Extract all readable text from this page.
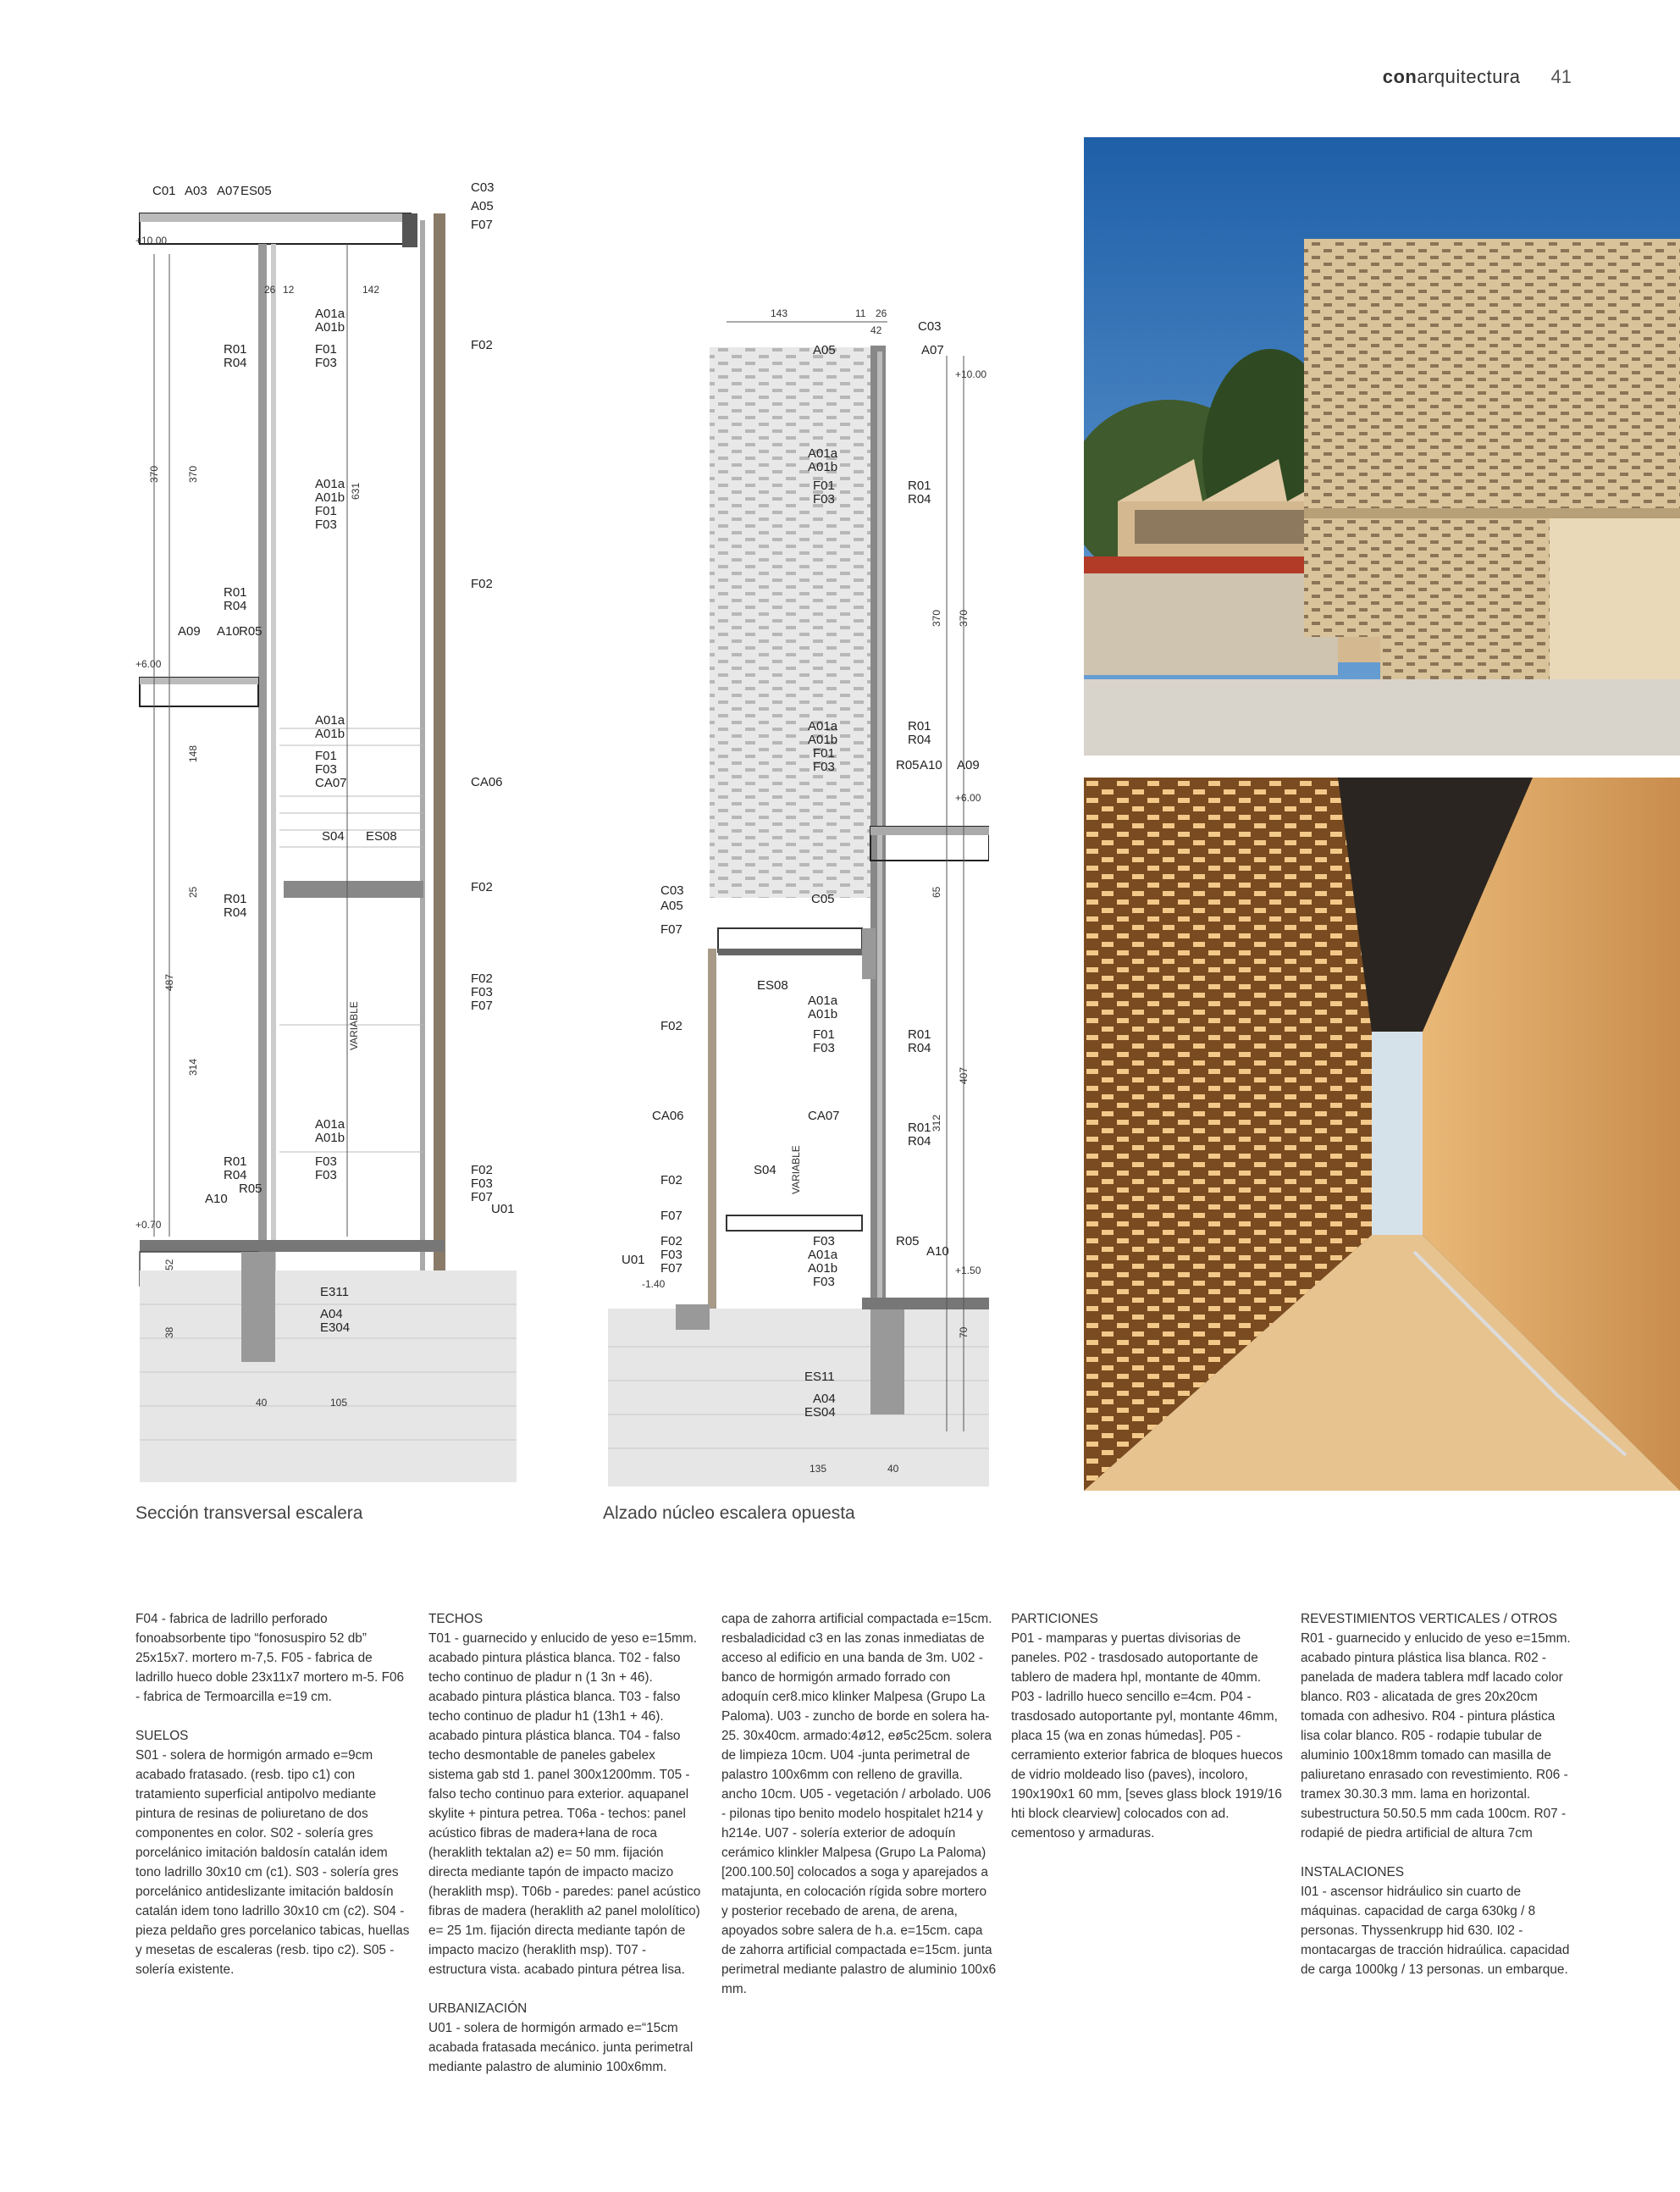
conarquitectura 41
C01 A03 A07 ES05	C03
A05
F07
F02
F02
CA06
F02
F02
F03
F07
F02
F03
F07
U01
A01a
A01b
F01
F03
R01
R04
A01a
A01b
F01
F03
R01
R04
A09 A10 R05
A01a
A01b
F01
F03
CA07
S04 ES08
R01
R04
A01a
A01b
R01
R04
F03
F03
R05
A10
E311
A04
E304
+10.00
+6.00
+0.70
26 12	142
370	370
631
148
25
487
314
VARIABLE
40	105
52
38
C03
A07
A05
A01a
A01b
F01
F03
R01
R04
A01a
A01b
F01
F03
R01
R04
R05 A10 A09
C03
A05
F07
C05
ES08
A01a
A01b
F01
F03
R01
R04
F02
CA06	CA07
R01
R04
S04
F02
F07
F02
F03
F07
U01
F03
A01a
A01b
F03
R05
A10
ES11
A04
ES04
+10.00
+6.00
+1.50
-1.40
143	11 26
42
370 370
65
407
312
VARIABLE
135	40
70
Sección transversal escalera	Alzado núcleo escalera opuesta

F04 - fabrica de ladrillo perforado fonoabsorbente tipo “fonosuspiro 52 db” 25x15x7. mortero m-7,5. F05 - fabrica de ladrillo hueco doble 23x11x7 mortero m-5. F06 - fabrica de Termoarcilla e=19 cm.

SUELOS

S01 - solera de hormigón armado e=9cm acabado fratasado. (resb. tipo c1) con tratamiento superficial antipolvo mediante pintura de resinas de poliuretano de dos componentes en color. S02 - solería gres porcelánico imitación baldosín catalán idem tono ladrillo 30x10 cm (c1). S03 - solería gres porcelánico antideslizante imitación baldosín catalán idem tono ladrillo 30x10 cm (c2). S04 - pieza peldaño gres porcelanico tabicas, huellas y mesetas de escaleras (resb. tipo c2). S05 - solería existente.

TECHOS

T01 - guarnecido y enlucido de yeso e=15mm. acabado pintura plástica blanca. T02 - falso techo continuo de pladur n (1 3n + 46). acabado pintura plástica blanca. T03 - falso techo continuo de pladur h1 (13h1 + 46). acabado pintura plástica blanca. T04 - falso techo desmontable de paneles gabelex sistema gab std 1. panel 300x1200mm. T05 - falso techo continuo para exterior. aquapanel skylite + pintura petrea. T06a - techos: panel acústico fibras de madera+lana de roca (heraklith tektalan a2) e= 50 mm. fijación directa mediante tapón de impacto macizo (heraklith msp). T06b - paredes: panel acústico fibras de madera (heraklith a2 panel mololítico) e= 25 1m. fijación directa mediante tapón de impacto macizo (heraklith msp). T07 - estructura vista. acabado pintura pétrea lisa.

URBANIZACIÓN

U01 - solera de hormigón armado e=“15cm acabada fratasada mecánico. junta perimetral mediante palastro de aluminio 100x6mm.

capa de zahorra artificial compactada e=15cm. resbaladicidad c3 en las zonas inmediatas de acceso al edificio en una banda de 3m. U02 - banco de hormigón armado forrado con adoquín cer8.mico klinker Malpesa (Grupo La Paloma). U03 - zuncho de borde en solera ha-25. 30x40cm. armado:4ø12, eø5c25cm. solera de limpieza 10cm. U04 -junta perimetral de palastro 100x6mm con relleno de gravilla. ancho 10cm. U05 - vegetación / arbolado. U06 - pilonas tipo benito modelo hospitalet h214 y h214e. U07 - solería exterior de adoquín cerámico klinkler Malpesa (Grupo La Paloma) [200.100.50] colocados a soga y aparejados a matajunta, en colocación rígida sobre mortero y posterior recebado de arena, de arena, apoyados sobre salera de h.a. e=15cm. capa de zahorra artificial compactada e=15cm. junta perimetral mediante palastro de aluminio 100x6 mm.

PARTICIONES

P01 - mamparas y puertas divisorias de paneles. P02 - trasdosado autoportante de tablero de madera hpl, montante de 40mm. P03 - ladrillo hueco sencillo e=4cm. P04 - trasdosado autoportante pyl, montante 46mm, placa 15 (wa en zonas húmedas]. P05 - cerramiento exterior fabrica de bloques huecos de vidrio moldeado liso (paves), incoloro, 190x190x1 60 mm, [seves glass block 1919/16 hti block clearview] colocados con ad. cementoso y armaduras.

REVESTIMIENTOS VERTICALES / OTROS

R01 - guarnecido y enlucido de yeso e=15mm. acabado pintura plástica lisa blanca. R02 - panelada de madera tablera mdf lacado color blanco. R03 - alicatada de gres 20x20cm tomada con adhesivo. R04 - pintura plástica lisa colar blanco. R05 - rodapie tubular de aluminio 100x18mm tomado can masilla de paliuretano enrasado con revestimiento. R06 - tramex 30.30.3 mm. lama en horizontal. subestructura 50.50.5 mm cada 100cm. R07 - rodapié de piedra artificial de altura 7cm

INSTALACIONES

I01 - ascensor hidráulico sin cuarto de máquinas. capacidad de carga 630kg / 8 personas. Thyssenkrupp hid 630. I02 - montacargas de tracción hidraúlica. capacidad de carga 1000kg / 13 personas. un embarque.
